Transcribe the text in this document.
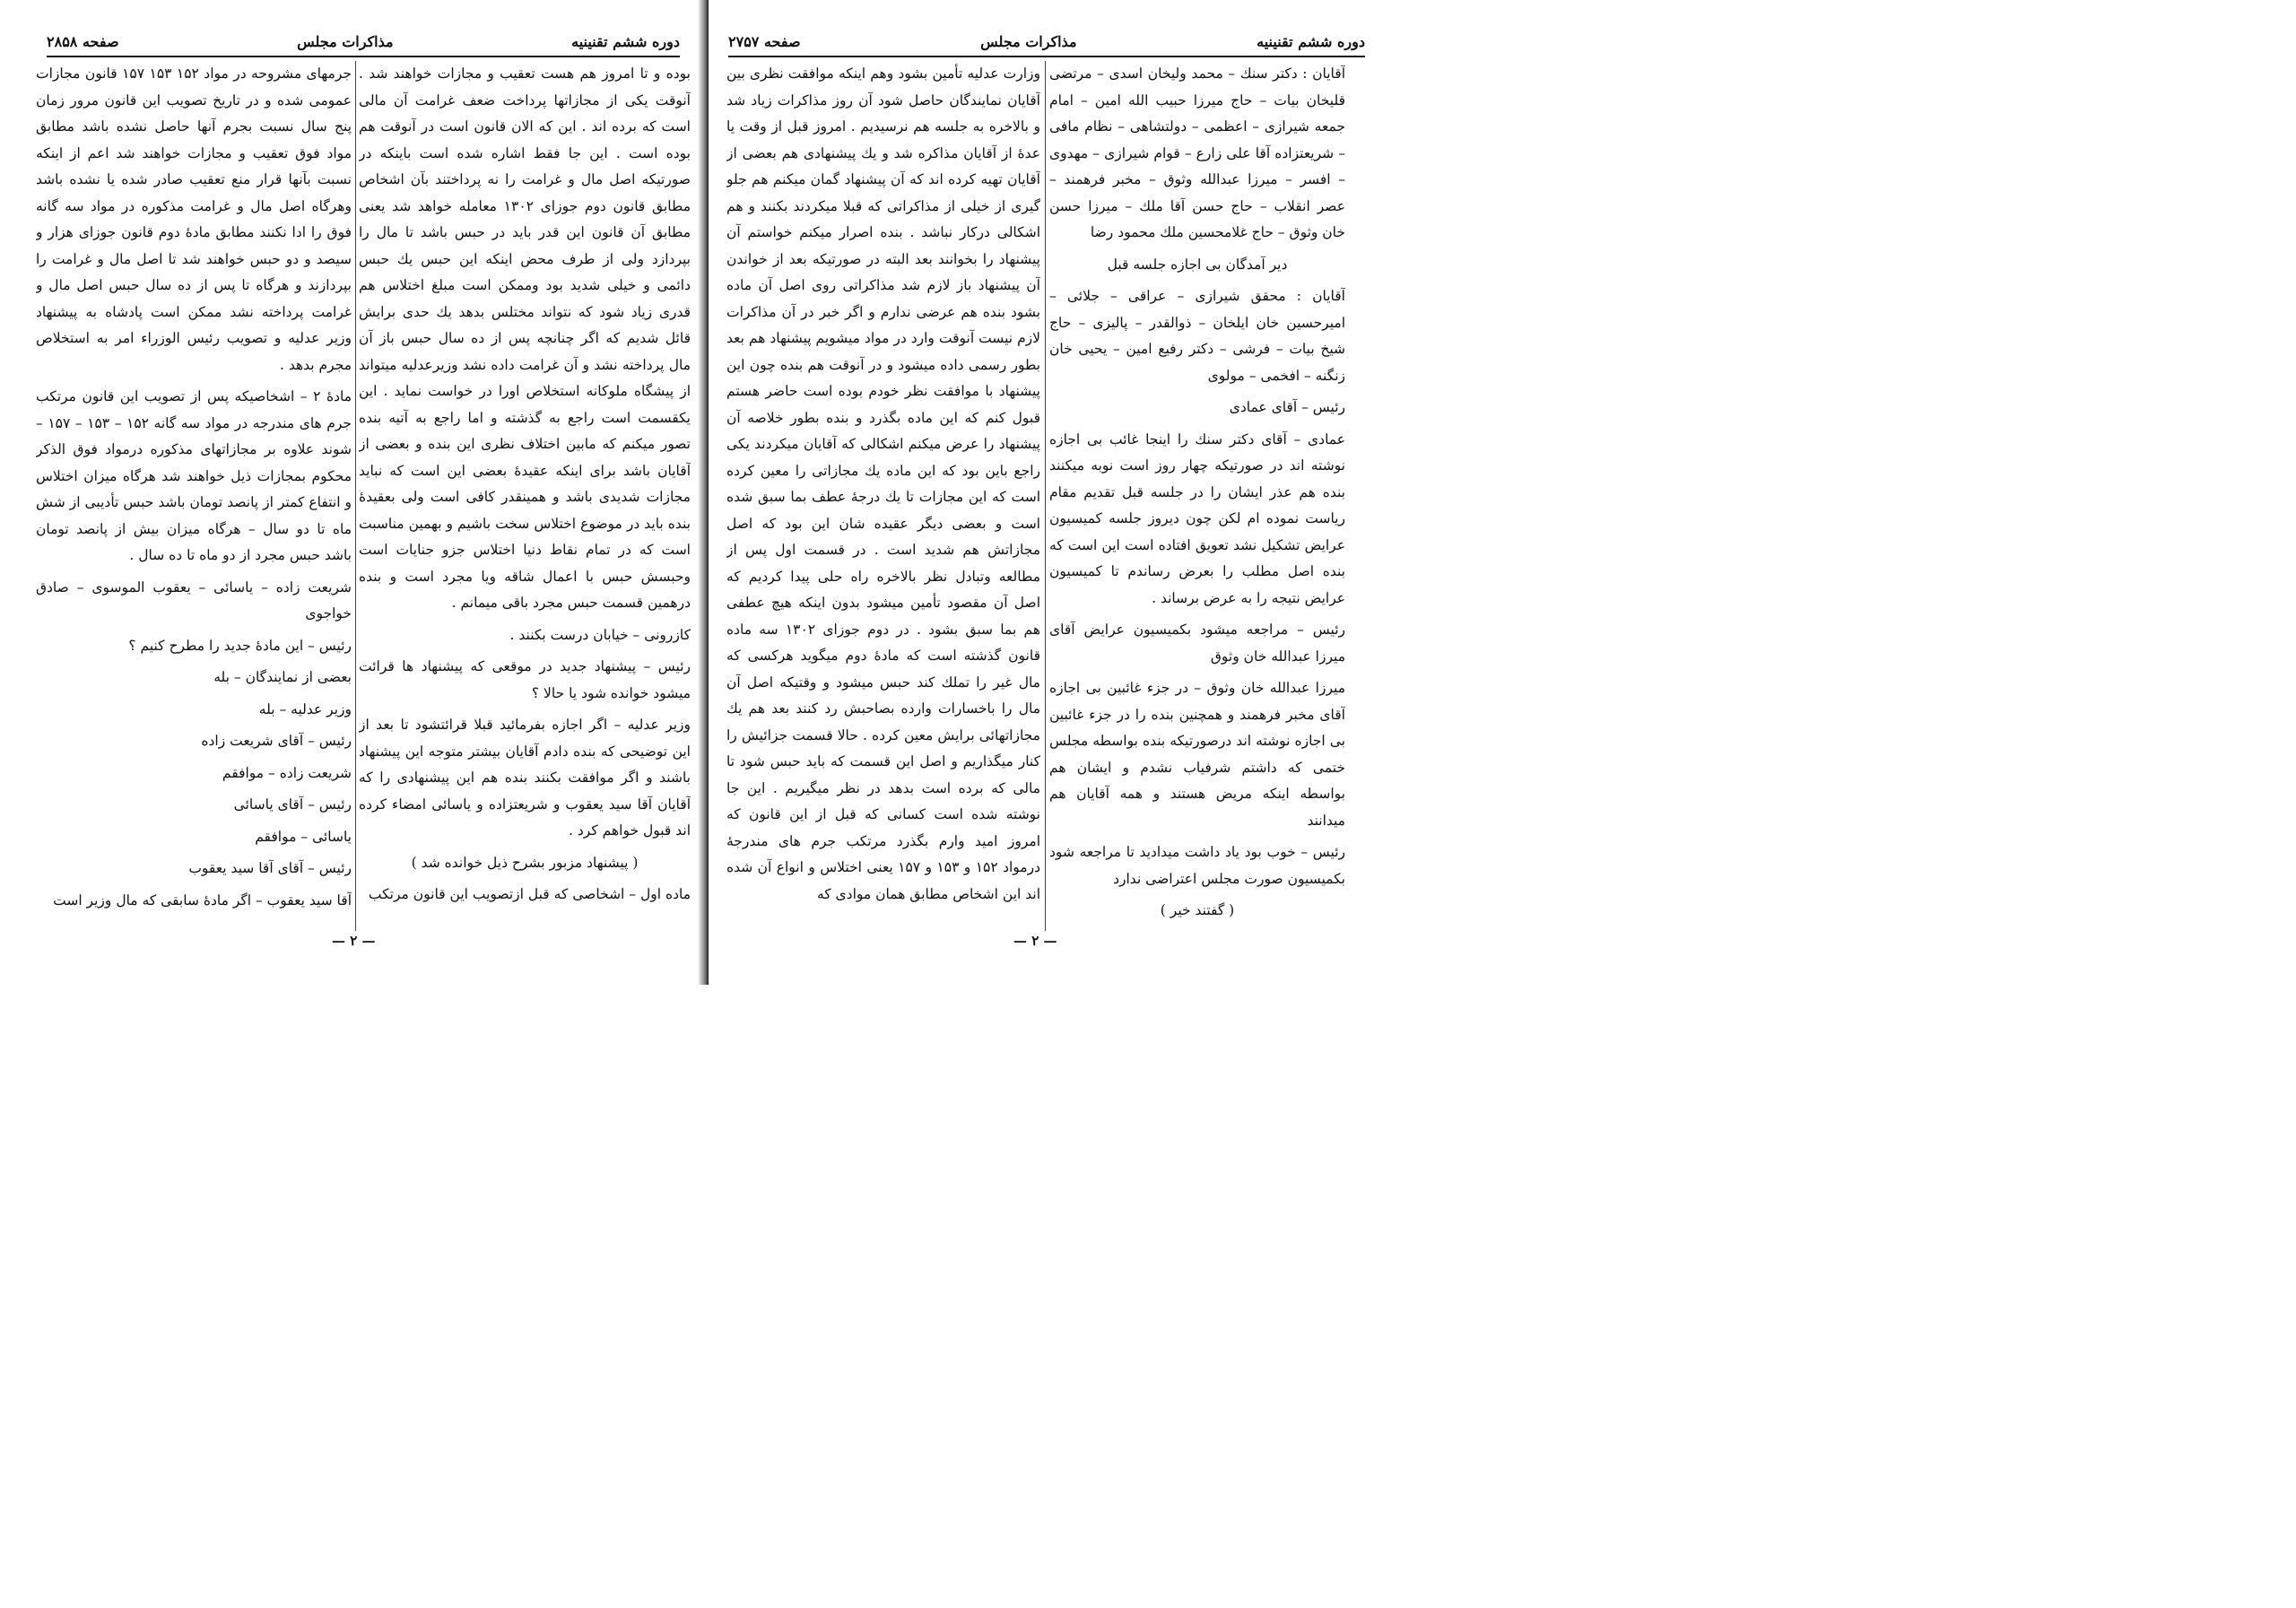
دوره ششم تقنینیه
مذاکرات مجلس
صفحه ۲۸۵۸

بوده و تا امروز هم هست تعقیب و مجازات خواهند شد . آنوقت یکی از مجازاتها پرداخت ضعف غرامت آن مالی است که برده اند . این که الان قانون است در آنوقت هم بوده است . این جا فقط اشاره شده است باینکه در صورتیکه اصل مال و غرامت را نه پرداختند بآن اشخاص مطابق قانون دوم جوزای ۱۳۰۲ معامله خواهد شد یعنی مطابق آن قانون این قدر باید در حبس باشد تا مال را بپردازد ولی از طرف محض اینکه این حبس یك حبس دائمی و خیلی شدید بود وممکن است مبلغ اختلاس هم قدری زیاد شود که نتواند مختلس بدهد یك حدی برایش قائل شدیم که اگر چنانچه پس از ده سال حبس باز آن مال پرداخته نشد و آن غرامت داده نشد وزیرعدلیه میتواند از پیشگاه ملوکانه استخلاص اورا در خواست نماید . این یکقسمت است راجع به گذشته و اما راجع به آتیه بنده تصور میکنم که مابین اختلاف نظری این بنده و بعضی از آقایان باشد برای اینکه عقیدهٔ بعضی این است که نباید مجازات شدیدی باشد و همینقدر کافی است ولی بعقیدهٔ بنده باید در موضوع اختلاس سخت باشیم و بهمین مناسبت است که در تمام نقاط دنیا اختلاس جزو جنایات است وحبسش حبس با اعمال شاقه ویا مجرد است و بنده درهمین قسمت حبس مجرد باقی میمانم .

کازرونی – خیابان درست بکنند .

رئیس – پیشنهاد جدید در موقعی که پیشنهاد ها قرائت میشود خوانده شود یا حالا ؟

وزیر عدلیه – اگر اجازه بفرمائید قبلا قرائتشود تا بعد از این توضیحی که بنده دادم آقایان بیشتر متوجه این پیشنهاد باشند و اگر موافقت بکنند بنده هم این پیشنهادی را که آقایان آقا سید یعقوب و شریعتزاده و یاسائی امضاء کرده اند قبول خواهم کرد .

( پیشنهاد مزبور بشرح ذیل خوانده شد )

ماده اول – اشخاصی که قبل ازتصویب این قانون مرتکب

جرمهای مشروحه در مواد ۱۵۲ ۱۵۳ ۱۵۷ قانون مجازات عمومی شده و در تاریخ تصویب این قانون مرور زمان پنج سال نسبت بجرم آنها حاصل نشده باشد مطابق مواد فوق تعقیب و مجازات خواهند شد اعم از اینکه نسبت بآنها قرار منع تعقیب صادر شده یا نشده باشد وهرگاه اصل مال و غرامت مذکوره در مواد سه گانه فوق را ادا نکنند مطابق مادهٔ دوم قانون جوزای هزار و سیصد و دو حبس خواهند شد تا اصل مال و غرامت را بپردازند و هرگاه تا پس از ده سال حبس اصل مال و غرامت پرداخته نشد ممکن است پادشاه به پیشنهاد وزیر عدلیه و تصویب رئیس الوزراء امر به استخلاص مجرم بدهد .

مادهٔ ۲ – اشخاصیکه پس از تصویب این قانون مرتکب جرم های مندرجه در مواد سه گانه ۱۵۲ – ۱۵۳ – ۱۵۷ – شوند علاوه بر مجازاتهای مذکوره درمواد فوق الذکر محکوم بمجازات ذیل خواهند شد هرگاه میزان اختلاس و انتفاع کمتر از پانصد تومان باشد حبس تأدیبی از شش ماه تا دو سال – هرگاه میزان بیش از پانصد تومان باشد حبس مجرد از دو ماه تا ده سال .

شریعت زاده – یاسائی – یعقوب الموسوی – صادق خواجوی

رئیس – این مادهٔ جدید را مطرح کنیم ؟

بعضی از نمایندگان – بله

وزیر عدلیه – بله

رئیس – آقای شریعت زاده

شریعت زاده – موافقم

رئیس – آقای یاسائی

یاسائی – موافقم

رئیس – آقای آقا سید یعقوب

آقا سید یعقوب – اگر مادهٔ سابقی که مال وزیر است

— ۲ —
دوره ششم تقنینیه
مذاکرات مجلس
صفحه ۲۷۵۷

آقایان : دکتر سنك – محمد ولیخان اسدی – مرتضی قلیخان بیات – حاج میرزا حبیب الله امین – امام جمعه شیرازی – اعظمی – دولتشاهی – نظام مافی – شریعتزاده آقا علی زارع – قوام شیرازی – مهدوی – افسر – میرزا عبدالله وثوق – مخبر فرهمند – عصر انقلاب – حاج حسن آقا ملك – میرزا حسن خان وثوق – حاج غلامحسین ملك محمود رضا

دیر آمدگان بی اجازه جلسه قبل

آقایان : محقق شیرازی – عراقی – جلائی – امیرحسین خان ایلخان – ذوالقدر – پالیزی – حاج شیخ بیات – فرشی – دکتر رفیع امین – یحیی خان زنگنه – افخمی – مولوی

رئیس – آقای عمادی

عمادی – آقای دکتر سنك را اینجا غائب بی اجازه نوشته اند در صورتیکه چهار روز است نوبه میکنند بنده هم عذر ایشان را در جلسه قبل تقدیم مقام ریاست نموده ام لکن چون دیروز جلسه کمیسیون عرایض تشکیل نشد تعویق افتاده است این است که بنده اصل مطلب را بعرض رساندم تا کمیسیون عرایض نتیجه را به عرض برساند .

رئیس – مراجعه میشود بکمیسیون عرایض آقای میرزا عبدالله خان وثوق

میرزا عبدالله خان وثوق – در جزء غائبین بی اجازه آقای مخبر فرهمند و همچنین بنده را در جزء غائبین بی اجازه نوشته اند درصورتیکه بنده بواسطه مجلس ختمی که داشتم شرفیاب نشدم و ایشان هم بواسطه اینکه مریض هستند و همه آقایان هم میدانند

رئیس – خوب بود یاد داشت میدادید تا مراجعه شود بکمیسیون صورت مجلس اعتراضی ندارد

( گفتند خیر )

وزارت عدلیه تأمین بشود وهم اینکه موافقت نظری بین آقایان نمایندگان حاصل شود آن روز مذاکرات زیاد شد و بالاخره به جلسه هم نرسیدیم . امروز قبل از وقت یا عدهٔ از آقایان مذاکره شد و یك پیشنهادی هم بعضی از آقایان تهیه کرده اند که آن پیشنهاد گمان میکنم هم جلو گیری از خیلی از مذاکراتی که قبلا میکردند بکنند و هم اشکالی درکار نباشد . بنده اصرار میکنم خواستم آن پیشنهاد را بخوانند بعد البته در صورتیکه بعد از خواندن آن پیشنهاد باز لازم شد مذاکراتی روی اصل آن ماده بشود بنده هم عرضی ندارم و اگر خبر در آن مذاکرات لازم نیست آنوقت وارد در مواد میشویم پیشنهاد هم بعد بطور رسمی داده میشود و در آنوقت هم بنده چون این پیشنهاد با موافقت نظر خودم بوده است حاضر هستم قبول کنم که این ماده بگذرد و بنده بطور خلاصه آن پیشنهاد را عرض میکنم اشکالی که آقایان میکردند یکی راجع باین بود که این ماده یك مجازاتی را معین کرده است که این مجازات تا یك درجهٔ عطف بما سبق شده است و بعضی دیگر عقیده شان این بود که اصل مجازاتش هم شدید است . در قسمت اول پس از مطالعه وتبادل نظر بالاخره راه حلی پیدا کردیم که اصل آن مقصود تأمین میشود بدون اینکه هیچ عطفی هم بما سبق بشود . در دوم جوزای ۱۳۰۲ سه ماده قانون گذشته است که مادهٔ دوم میگوید هرکسی که مال غیر را تملك کند حبس میشود و وقتیکه اصل آن مال را باخسارات وارده بصاحبش رد کنند بعد هم یك مجازاتهائی برایش معین کرده . حالا قسمت جزائیش را کنار میگذاریم و اصل این قسمت که باید حبس شود تا مالی که برده است بدهد در نظر میگیریم . این جا نوشته شده است کسانی که قبل از این قانون که امروز امید وارم بگذرد مرتکب جرم های مندرجهٔ درمواد ۱۵۲ و ۱۵۳ و ۱۵۷ یعنی اختلاس و انواع آن شده اند این اشخاص مطابق همان موادی که

— ۲ —
